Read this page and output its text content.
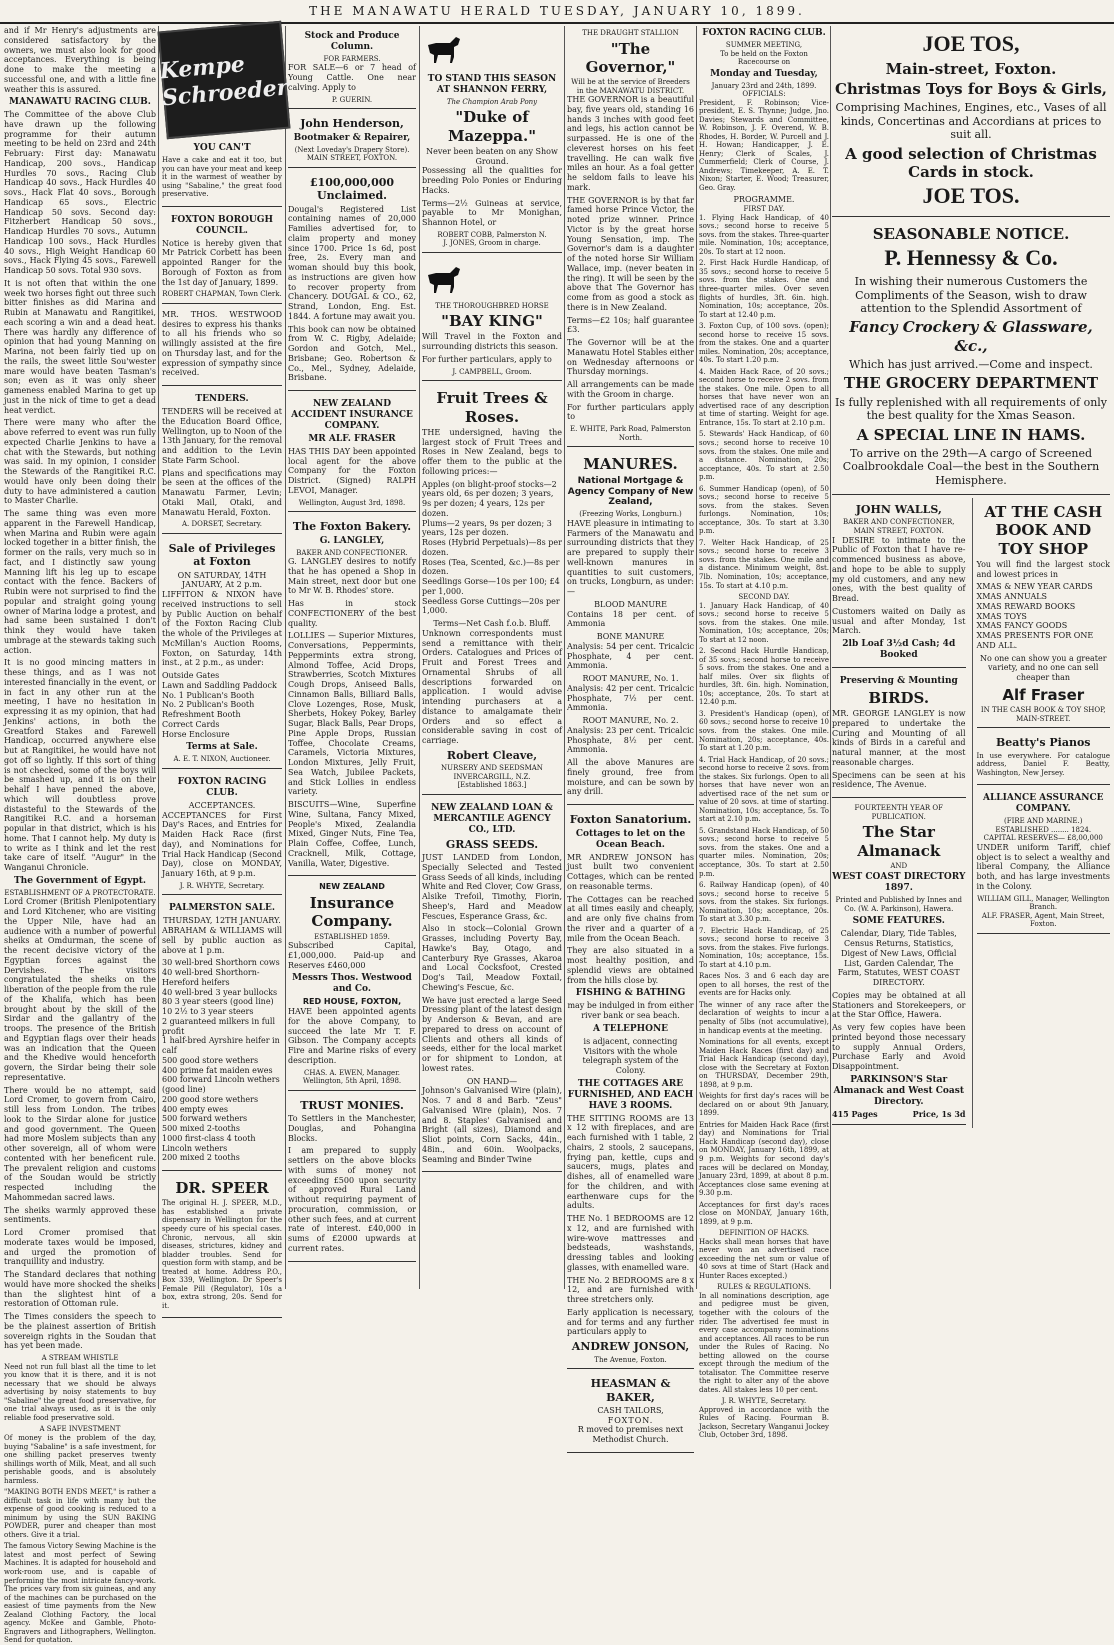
THE MANAWATU HERALD TUESDAY, JANUARY 10, 1899.

and if Mr Henry's adjustments are considered satisfactory by the owners, we must also look for good acceptances. Everything is being done to make the meeting a successful one, and with a little fine weather this is assured.

MANAWATU RACING CLUB.

The Committee of the above Club have drawn up the following programme for their autumn meeting to be held on 23rd and 24th February: First day: Manawatu Handicap, 200 sovs., Handicap Hurdles 70 sovs., Racing Club Handicap 40 sovs., Hack Hurdles 40 sovs., Hack Flat 40 sovs., Borough Handicap 65 sovs., Electric Handicap 50 sovs. Second day: Fitzherbert Handicap 50 sovs., Handicap Hurdles 70 sovs., Autumn Handicap 100 sovs., Hack Hurdles 40 sovs., High Weight Handicap 60 sovs., Hack Flying 45 sovs., Farewell Handicap 50 sovs. Total 930 sovs.

It is not often that within the one week two horses fight out three such bitter finishes as did Marina and Rubin at Manawatu and Rangitikei, each scoring a win and a dead heat. There was hardly any difference of opinion that had young Manning on Marina, not been fairly tied up on the rails, the sweet little Sou'wester mare would have beaten Tasman's son; even as it was only sheer gameness enabled Marina to get up just in the nick of time to get a dead heat verdict.

There were many who after the above referred to event was run fully expected Charlie Jenkins to have a chat with the Stewards, but nothing was said. In my opinion, I consider the Stewards of the Rangitikei R.C. would have only been doing their duty to have administered a caution to Master Charlie.

The same thing was even more apparent in the Farewell Handicap, when Marina and Rubin were again locked together in a bitter finish, the former on the rails, very much so in fact, and I distinctly saw young Manning lift his leg up to escape contact with the fence. Backers of Rubin were not surprised to find the popular and straight going young owner of Marina lodge a protest, and had same been sustained I don't think they would have taken umbrage at the stewards taking such action.

It is no good mincing matters in these things, and as I was not interested financially in the event, or in fact in any other run at the meeting, I have no hesitation in expressing it as my opinion, that had Jenkins' actions, in both the Greatford Stakes and Farewell Handicap, occurred anywhere else but at Rangitikei, he would have not got off so lightly. If this sort of thing is not checked, some of the boys will be smashed up, and it is on their behalf I have penned the above, which will doubtless prove distasteful to the Stewards of the Rangitikei R.C. and a horseman popular in that district, which is his home. That I cannot help. My duty is to write as I think and let the rest take care of itself. "Augur" in the Wanganui Chronicle.

The Government of Egypt.
ESTABLISHMENT OF A PROTECTORATE.

Lord Cromer (British Plenipotentiary and Lord Kitchener, who are visiting the Upper Nile, have had an audience with a number of powerful sheiks at Omdurman, the scene of the recent decisive victory of the Egyptian forces against the Dervishes. The visitors congratulated the sheiks on the liberation of the people from the rule of the Khalifa, which has been brought about by the skill of the Sirdar and the gallantry of the troops. The presence of the British and Egyptian flags over their heads was an indication that the Queen and the Khedive would henceforth govern, the Sirdar being their sole representative.

There would be no attempt, said Lord Cromer, to govern from Cairo, still less from London. The tribes look to the Sirdar alone for justice and good government. The Queen had more Moslem subjects than any other sovereign, all of whom were contented with her beneficent rule. The prevalent religion and customs of the Soudan would be strictly respected including the Mahommedan sacred laws.

The sheiks warmly approved these sentiments.

Lord Cromer promised that moderate taxes would be imposed, and urged the promotion of tranquillity and industry.

The Standard declares that nothing would have more shocked the sheiks than the slightest hint of a restoration of Ottoman rule.

The Times considers the speech to be the plainest assertion of British sovereign rights in the Soudan that has yet been made.

A STREAM WHISTLE

Need not run full blast all the time to let you know that it is there, and it is not necessary that we should be always advertising by noisy statements to buy "Sabaline" the great food preservative, for one trial always used, as it is the only reliable food preservative sold.

A SAFE INVESTMENT

Of money is the problem of the day, buying "Sabaline" is a safe investment, for one shilling packet preserves twenty shillings worth of Milk, Meat, and all such perishable goods, and is absolutely harmless.

"MAKING BOTH ENDS MEET," is rather a difficult task in life with many but the expense of good cooking is reduced to a minimum by using the SUN BAKING POWDER, purer and cheaper than most others. Give it a trial.

The famous Victory Sewing Machine is the latest and most perfect of Sewing Machines. It is adapted for household and work-room use, and is capable of performing the most intricate fancy-work. The prices vary from six guineas, and any of the machines can be purchased on the easiest of time payments from the New Zealand Clothing Factory, the local agency. McKee and Gamble, Photo-Engravers and Lithographers, Wellington. Send for quotation.

Kempe Schroeder
YOU CAN'T

Have a cake and eat it too, but you can have your meat and keep it in the warmest of weather by using "Sabaline," the great food preservative.

FOXTON BOROUGH COUNCIL.

Notice is hereby given that Mr Patrick Corbett has been appointed Ranger for the Borough of Foxton as from the 1st day of January, 1899.

ROBERT CHAPMAN, Town Clerk.

MR. THOS. WESTWOOD desires to express his thanks to all his friends who so willingly assisted at the fire on Thursday last, and for the expression of sympathy since received.

TENDERS.

TENDERS will be received at the Education Board Office, Wellington, up to Noon of the 13th January, for the removal and addition to the Levin State Farm School.

Plans and specifications may be seen at the offices of the Manawatu Farmer, Levin; Otaki Mail, Otaki, and Manawatu Herald, Foxton.

A. DORSET, Secretary.
Sale of Privileges at Foxton
ON SATURDAY, 14TH JANUARY, At 2 p.m.

LIFFITON & NIXON have received instructions to sell by Public Auction on behalf of the Foxton Racing Club the whole of the Privileges at McMillan's Auction Rooms, Foxton, on Saturday, 14th inst., at 2 p.m., as under:

Outside Gates
Lawn and Saddling Paddock
No. 1 Publican's Booth
No. 2 Publican's Booth
Refreshment Booth
Correct Cards
Horse Enclosure
Terms at Sale.
A. E. T. NIXON, Auctioneer.
FOXTON RACING CLUB.
ACCEPTANCES.

ACCEPTANCES for First Day's Races, and Entries for Maiden Hack Race (first day), and Nominations for Trial Hack Handicap (Second Day), close on MONDAY, January 16th, at 9 p.m.

J. R. WHYTE, Secretary.
PALMERSTON SALE.
THURSDAY, 12TH JANUARY.

ABRAHAM & WILLIAMS will sell by public auction as above at 1 p.m.

30 well-bred Shorthorn cows
40 well-bred Shorthorn-Hereford heifers
40 well-bred 3 year bullocks
80 3 year steers (good line)
10 2½ to 3 year steers
2 guaranteed milkers in full profit
1 half-bred Ayrshire heifer in calf
500 good store wethers
400 prime fat maiden ewes
600 forward Lincoln wethers (good line)
200 good store wethers
400 empty ewes
500 forward wethers
500 mixed 2-tooths
1000 first-class 4 tooth Lincoln wethers
200 mixed 2 tooths
DR. SPEER

The original H. J. SPEER, M.D., has established a private dispensary in Wellington for the speedy cure of his special cases. Chronic, nervous, all skin diseases, strictures, kidney and bladder troubles. Send for question form with stamp, and be treated at home. Address P.O., Box 339, Wellington. Dr Speer's Female Pill (Regulator), 10s a box, extra strong, 20s. Send for it.

Stock and Produce Column.
FOR FARMERS.

FOR SALE—6 or 7 head of Young Cattle. One near calving. Apply to

P. GUERIN.
John Henderson,
Bootmaker & Repairer,
(Next Loveday's Drapery Store). MAIN STREET, FOXTON.
£100,000,000 Unclaimed.

Dougal's Registered List containing names of 20,000 Families advertised for, to claim property and money since 1700. Price 1s 6d, post free, 2s. Every man and woman should buy this book, as instructions are given how to recover property from Chancery. DOUGAL & CO., 62, Strand, London, Eng. Est. 1844. A fortune may await you.

This book can now be obtained from W. C. Rigby, Adelaide; Gordon and Gotch, Mel., Brisbane; Geo. Robertson & Co., Mel., Sydney, Adelaide, Brisbane.

NEW ZEALAND ACCIDENT INSURANCE COMPANY.
MR ALF. FRASER

HAS THIS DAY been appointed local agent for the above Company for the Foxton District. (Signed) RALPH LEVOI, Manager.

Wellington, August 3rd, 1898.
The Foxton Bakery.
G. LANGLEY,
BAKER AND CONFECTIONER.

G. LANGLEY desires to notify that he has opened a Shop in Main street, next door but one to Mr W. B. Rhodes' store.

Has in stock CONFECTIONERY of the best quality.

LOLLIES — Superior Mixtures, Conversations, Peppermints, Peppermints extra strong, Almond Toffee, Acid Drops, Strawberries, Scotch Mixtures Cough Drops, Aniseed Balls, Cinnamon Balls, Billiard Balls, Clove Lozenges, Rose, Musk, Sherbets, Hokey Pokey, Barley Sugar, Black Balls, Pear Drops, Pine Apple Drops, Russian Toffee, Chocolate Creams, Caramels, Victoria Mixtures, London Mixtures, Jelly Fruit, Sea Watch, Jubilee Packets, and Stick Lollies in endless variety.

BISCUITS—Wine, Superfine Wine, Sultana, Fancy Mixed, People's Mixed, Zealandia Mixed, Ginger Nuts, Fine Tea, Plain Coffee, Coffee, Lunch, Cracknell, Milk, Cottage, Vanilla, Water, Digestive.

NEW ZEALAND
Insurance Company.
ESTABLISHED 1859.

Subscribed Capital, £1,000,000. Paid-up and Reserves £460,000

Messrs Thos. Westwood and Co.
RED HOUSE, FOXTON,

HAVE been appointed agents for the above Company, to succeed the late Mr T. F. Gibson. The Company accepts Fire and Marine risks of every description.

CHAS. A. EWEN, Manager.
Wellington, 5th April, 1898.
TRUST MONIES.

To Settlers in the Manchester, Douglas, and Pohangina Blocks.

I am prepared to supply settlers on the above blocks with sums of money not exceeding £500 upon security of approved Rural Land without requiring payment of procuration, commission, or other such fees, and at current rate of interest. £40,000 in sums of £2000 upwards at current rates.

TO STAND THIS SEASON AT SHANNON FERRY,
The Champion Arab Pony
"Duke of Mazeppa."
Never been beaten on any Show Ground.

Possessing all the qualities for breeding Polo Ponies or Enduring Hacks.

Terms—2½ Guineas at service, payable to Mr Monighan, Shannon Hotel, or

ROBERT COBB, Palmerston N.
J. JONES, Groom in charge.
THE THOROUGHBRED HORSE
"BAY KING"

Will Travel in the Foxton and surrounding districts this season.

For further particulars, apply to

J. CAMPBELL, Groom.
Fruit Trees & Roses.

THE undersigned, having the largest stock of Fruit Trees and Roses in New Zealand, begs to offer them to the public at the following prices:—

Apples (on blight-proof stocks—2 years old, 6s per dozen; 3 years, 9s per dozen; 4 years, 12s per dozen.
Plums—2 years, 9s per dozen; 3 years, 12s per dozen.
Roses (Hybrid Perpetuals)—8s per dozen.
Roses (Tea, Scented, &c.)—8s per dozen.
Seedlings Gorse—10s per 100; £4 per 1,000.
Seedless Gorse Cuttings—20s per 1,000.
Terms—Net Cash f.o.b. Bluff.

Unknown correspondents must send a remittance with their Orders. Catalogues and Prices of Fruit and Forest Trees and Ornamental Shrubs of all descriptions forwarded on application. I would advise intending purchasers at a distance to amalgamate their Orders and so effect a considerable saving in cost of carriage.

Robert Cleave,
NURSERY AND SEEDSMAN
INVERCARGILL, N.Z.
[Established 1863.]
NEW ZEALAND LOAN & MERCANTILE AGENCY CO., LTD.
GRASS SEEDS.

JUST LANDED from London, Specially Selected and Tested Grass Seeds of all kinds, including White and Red Clover, Cow Grass, Alsike Trefoil, Timothy, Fiorin, Sheep's, Hard and Meadow Fescues, Esperance Grass, &c.

Also in stock—Colonial Grown Grasses, including Poverty Bay, Hawke's Bay, Otago, and Canterbury Rye Grasses, Akaroa and Local Cocksfoot, Crested Dog's Tail, Meadow Foxtail, Chewing's Fescue, &c.

We have just erected a large Seed Dressing plant of the latest design by Anderson & Bevan, and are prepared to dress on account of Clients and others all kinds of seeds, either for the local market or for shipment to London, at lowest rates.

ON HAND—

Johnson's Galvanised Wire (plain), Nos. 7 and 8 and Barb. "Zeus" Galvanised Wire (plain), Nos. 7 and 8. Staples' Galvanised and Bright (all sizes), Diamond and Sliot points, Corn Sacks, 44in., 48in., and 60in. Woolpacks, Seaming and Binder Twine

THE DRAUGHT STALLION
"The Governor,"
Will be at the service of Breeders in the MANAWATU DISTRICT.

THE GOVERNOR is a beautiful bay, five years old, standing 16 hands 3 inches with good feet and legs, his action cannot be surpassed. He is one of the cleverest horses on his feet travelling. He can walk five miles an hour. As a foal getter he seldom fails to leave his mark.

THE GOVERNOR is by that far famed horse Prince Victor, the noted prize winner. Prince Victor is by the great horse Young Sensation, imp. The Governor's dam is a daughter of the noted horse Sir William Wallace, imp. (never beaten in the ring). It will be seen by the above that The Governor has come from as good a stock as there is in New Zealand.

Terms—£2 10s; half guarantee £3.

The Governor will be at the Manawatu Hotel Stables either on Wednesday afternoons or Thursday mornings.

All arrangements can be made with the Groom in charge.

For further particulars apply to

E. WHITE, Park Road, Palmerston North.
MANURES.
National Mortgage & Agency Company of New Zealand,
(Freezing Works, Longburn.)

HAVE pleasure in intimating to Farmers of the Manawatu and surrounding districts that they are prepared to supply their well-known manures in quantities to suit customers, on trucks, Longburn, as under:—

BLOOD MANURE

Contains 18 per cent. of Ammonia

BONE MANURE

Analysis: 54 per cent. Tricalcic Phosphate, 4 per cent. Ammonia.

ROOT MANURE, No. 1.

Analysis: 42 per cent. Tricalcic Phosphate, 7½ per cent. Ammonia.

ROOT MANURE, No. 2.

Analysis: 23 per cent. Tricalcic Phosphate, 8½ per cent. Ammonia.

All the above Manures are finely ground, free from moisture, and can be sown by any drill.

Foxton Sanatorium.
Cottages to let on the Ocean Beach.

MR ANDREW JONSON has just built two convenient Cottages, which can be rented on reasonable terms.

The Cottages can be reached at all times easily and cheaply, and are only five chains from the river and a quarter of a mile from the Ocean Beach.

They are also situated in a most healthy position, and splendid views are obtained from the hills close by.

FISHING & BATHING

may be indulged in from either river bank or sea beach.

A TELEPHONE

is adjacent, connecting Visitors with the whole telegraph system of the Colony.

THE COTTAGES ARE FURNISHED, AND EACH HAVE 3 ROOMS.

THE SITTING ROOMS are 13 x 12 with fireplaces, and are each furnished with 1 table, 2 chairs, 2 stools, 2 saucepans, frying pan, kettle, cups and saucers, mugs, plates and dishes, all of enamelled ware for the children, and with earthenware cups for the adults.

THE No. 1 BEDROOMS are 12 x 12, and are furnished with wire-wove mattresses and bedsteads, washstands, dressing tables and looking glasses, with enamelled ware.

THE No. 2 BEDROOMS are 8 x 12, and are furnished with three stretchers only.

Early application is necessary, and for terms and any further particulars apply to

ANDREW JONSON,
The Avenue, Foxton.
HEASMAN & BAKER,
CASH TAILORS,
FOXTON.

R moved to premises next Methodist Church.

FOXTON RACING CLUB.
SUMMER MEETING,
To be held on the Foxton Racecourse on
Monday and Tuesday,
January 23rd and 24th, 1899.
OFFICIALS:

President, F. Robinson; Vice-president, E. S. Thynne; Judge, Jno. Davies; Stewards and Committee, W. Robinson, J. F. Overend, W. B. Rhodes, H. Border, W. Purcell and J. H. Howan; Handicapper, J. E. Henry; Clerk of Scales, J. Cummerfield; Clerk of Course, J. Andrews; Timekeeper, A. E. T. Nixon; Starter, E. Wood; Treasurer, Geo. Gray.

PROGRAMME.
FIRST DAY.

1. Flying Hack Handicap, of 40 sovs.; second horse to receive 5 sovs. from the stakes. Three-quarter mile. Nomination, 10s; acceptance, 20s. To start at 12 noon.

2. First Hack Hurdle Handicap, of 35 sovs.; second horse to receive 5 sovs. from the stakes. One and three-quarter miles. Over seven flights of hurdles, 3ft. 6in. high. Nomination, 10s; acceptance, 20s. To start at 12.40 p.m.

3. Foxton Cup, of 100 sovs. (open); second horse to receive 15 sovs. from the stakes. One and a quarter miles. Nomination, 20s; acceptance, 40s. To start 1.20 p.m.

4. Maiden Hack Race, of 20 sovs.; second horse to receive 2 sovs. from the stakes. One mile. Open to all horses that have never won an advertised race of any description at time of starting. Weight for age. Entrance, 15s. To start at 2.10 p.m.

5. Stewards' Hack Handicap, of 60 sovs.; second horse to receive 10 sovs. from the stakes. One mile and a distance. Nomination, 20s; acceptance, 40s. To start at 2.50 p.m.

6. Summer Handicap (open), of 50 sovs.; second horse to receive 5 sovs. from the stakes. Seven furlongs. Nomination, 10s; acceptance, 30s. To start at 3.30 p.m.

7. Welter Hack Handicap, of 25 sovs.; second horse to receive 3 sovs. from the stakes. One mile and a distance. Minimum weight, 8st. 7lb. Nomination, 10s; acceptance, 15s. To start at 4.10 p.m.

SECOND DAY.

1. January Hack Handicap, of 40 sovs.; second horse to receive 5 sovs. from the stakes. One mile. Nomination, 10s; acceptance, 20s; To start at 12 noon.

2. Second Hack Hurdle Handicap, of 35 sovs.; second horse to receive 5 sovs. from the stakes. One and a half miles. Over six flights of hurdles, 3ft. 6in. high. Nomination, 10s; acceptance, 20s. To start at 12.40 p.m.

3. President's Handicap (open), of 60 sovs.; second horse to receive 10 sovs. from the stakes. One mile. Nomination, 20s; acceptance, 40s. To start at 1.20 p.m.

4. Trial Hack Handicap, of 20 sovs.; second horse to receive 2 sovs. from the stakes. Six furlongs. Open to all horses that have never won an advertised race of the net sum or value of 20 sovs. at time of starting. Nomination, 10s; acceptance, 5s. To start at 2.10 p.m.

5. Grandstand Hack Handicap, of 50 sovs.; second horse to receive 5 sovs. from the stakes. One and a quarter miles. Nomination, 20s; acceptance, 30s. To start at 2.50 p.m.

6. Railway Handicap (open), of 40 sovs.; second horse to receive 5 sovs. from the stakes. Six furlongs. Nomination, 10s; acceptance, 20s. To start at 3.30 p.m.

7. Electric Hack Handicap, of 25 sovs.; second horse to receive 3 sovs. from the stakes. Five furlongs. Nomination, 10s; acceptance, 15s. To start at 4.10 p.m.

Races Nos. 3 and 6 each day are open to all horses, the rest of the events are for Hacks only.

The winner of any race after the declaration of weights to incur a penalty of 5lbs (not accumulative), in handicap events at the meeting.

Nominations for all events, except Maiden Hack Races (first day) and Trial Hack Handicap (second day), close with the Secretary at Foxton on THURSDAY, December 29th, 1898, at 9 p.m.

Weights for first day's races will be declared on or about 9th January, 1899.

Entries for Maiden Hack Race (first day) and Nominations for Trial Hack Handicap (second day), close on MONDAY, January 16th, 1899, at 9 p.m. Weights for second day's races will be declared on Monday, January 23rd, 1899, at about 8 p.m. Acceptances close same evening at 9.30 p.m.

Acceptances for first day's races close on MONDAY, January 16th, 1899, at 9 p.m.

DEFINITION OF HACKS.

Hacks shall mean horses that have never won an advertised race exceeding the net sum or value of 40 sovs at time of Start (Hack and Hunter Races excepted.)

RULES & REGULATIONS.

In all nominations description, age and pedigree must be given, together with the colours of the rider. The advertised fee must in every case accompany nominations and acceptances. All races to be run under the Rules of Racing. No betting allowed on the course except through the medium of the totalisator. The Committee reserve the right to alter any of the above dates. All stakes less 10 per cent.

J. R. WHYTE, Secretary.

Approved in accordance with the Rules of Racing. Fourman B. Jackson, Secretary Wanganui Jockey Club, October 3rd, 1898.

JOE TOS,
Main-street, Foxton.
Christmas Toys for Boys & Girls,
Comprising Machines, Engines, etc., Vases of all kinds, Concertinas and Accordians at prices to suit all.
A good selection of Christmas Cards in stock.
JOE TOS.
SEASONABLE NOTICE.
P. Hennessy & Co.
In wishing their numerous Customers the Compliments of the Season, wish to draw attention to the Splendid Assortment of
Fancy Crockery & Glassware, &c.,
Which has just arrived.—Come and inspect.
THE GROCERY DEPARTMENT
Is fully replenished with all requirements of only the best quality for the Xmas Season.
A SPECIAL LINE IN HAMS.
To arrive on the 29th—A cargo of Screened Coalbrookdale Coal—the best in the Southern Hemisphere.
JOHN WALLS,
BAKER AND CONFECTIONER,
MAIN STREET, FOXTON.

I DESIRE to intimate to the Public of Foxton that I have re-commenced business as above, and hope to be able to supply my old customers, and any new ones, with the best quality of Bread.

Customers waited on Daily as usual and after Monday, 1st March.

2lb Loaf 3½d Cash; 4d Booked
Preserving & Mounting
BIRDS.

MR. GEORGE LANGLEY is now prepared to undertake the Curing and Mounting of all kinds of Birds in a careful and natural manner, at the most reasonable charges.

Specimens can be seen at his residence, The Avenue.

FOURTEENTH YEAR OF PUBLICATION.
The Star Almanack
AND
WEST COAST DIRECTORY 1897.

Printed and Published by Innes and Co. (W. A. Parkinson), Hawera.

SOME FEATURES.

Calendar, Diary, Tide Tables, Census Returns, Statistics, Digest of New Laws, Official List, Garden Calendar, The Farm, Statutes, WEST COAST DIRECTORY.

Copies may be obtained at all Stationers and Storekeepers, or at the Star Office, Hawera.

As very few copies have been printed beyond those necessary to supply Annual Orders, Purchase Early and Avoid Disappointment.

PARKINSON'S Star Almanack and West Coast Directory.
415 Pages	Price, 1s 3d
AT THE CASH BOOK AND TOY SHOP

You will find the largest stock and lowest prices in

XMAS & NEW YEAR CARDS
XMAS ANNUALS
XMAS REWARD BOOKS
XMAS TOYS
XMAS FANCY GOODS
XMAS PRESENTS FOR ONE AND ALL.

No one can show you a greater variety, and no one can sell cheaper than

Alf Fraser
IN THE CASH BOOK & TOY SHOP, MAIN-STREET.
Beatty's Pianos

In use everywhere. For catalogue address, Daniel F. Beatty, Washington, New Jersey.

ALLIANCE ASSURANCE COMPANY.
(FIRE AND MARINE.)
ESTABLISHED ........ 1824.
CAPITAL RESERVES— £8,00,000

UNDER uniform Tariff, chief object is to select a wealthy and liberal Company, the Alliance both, and has large investments in the Colony.

WILLIAM GILL, Manager, Wellington Branch.
ALF. FRASER, Agent, Main Street, Foxton.
